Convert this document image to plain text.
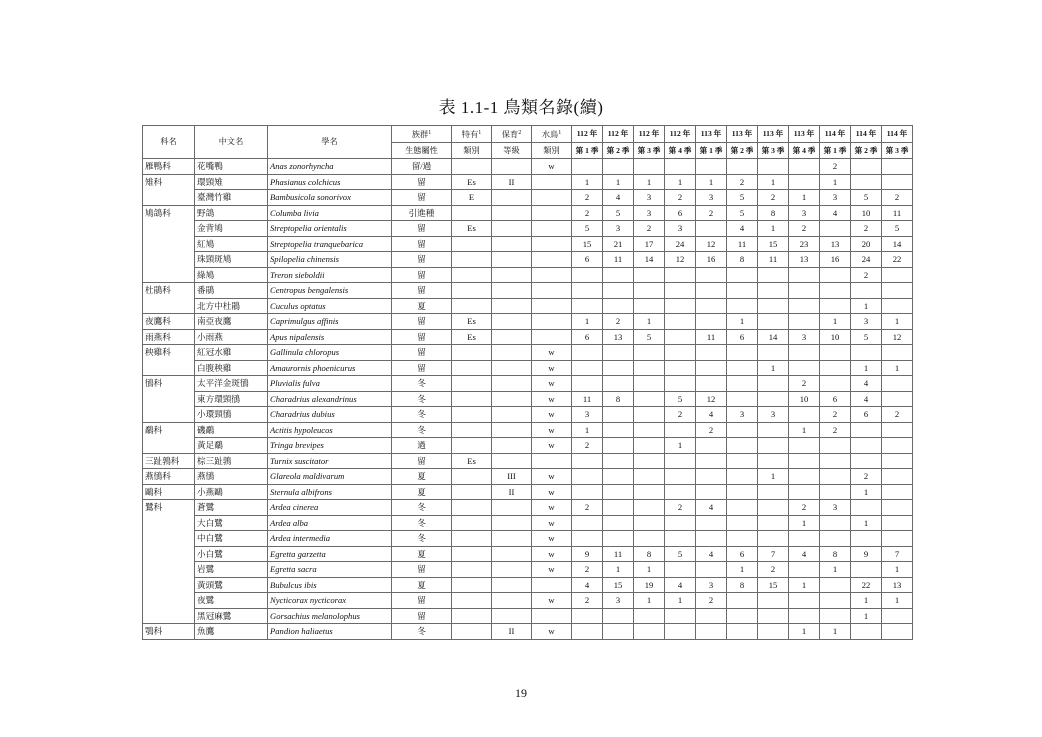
表 1.1-1 鳥類名錄(續)
科名	中文名	學名	族群$^1$	特有$^1$	保育$^2$	水鳥$^1$	112 年	112 年	112 年	112 年	113 年	113 年	113 年	113 年	114 年	114 年	114 年
			生態屬性	類別	等級	類別	第 1 季	第 2 季	第 3 季	第 4 季	第 1 季	第 2 季	第 3 季	第 4 季	第 1 季	第 2 季	第 3 季
雁鴨科	花嘴鴨	Anas zonorhyncha	留/過			w									2		
雉科	環頸雉	Phasianus colchicus	留	Es	II		1	1	1	1	1	2	1		1		
	臺灣竹雞	Bambusicola sonorivox	留	E			2	4	3	2	3	5	2	1	3	5	2
鳩鴿科	野鴿	Columba livia	引進種				2	5	3	6	2	5	8	3	4	10	11
	金背鳩	Streptopelia orientalis	留	Es			5	3	2	3		4	1	2		2	5
	紅鳩	Streptopelia tranquebarica	留				15	21	17	24	12	11	15	23	13	20	14
	珠頸斑鳩	Spilopelia chinensis	留				6	11	14	12	16	8	11	13	16	24	22
	綠鳩	Treron sieboldii	留													2	
杜鵑科	番鵑	Centropus bengalensis	留														
	北方中杜鵑	Cuculus optatus	夏													1	
夜鷹科	南亞夜鷹	Caprimulgus affinis	留	Es			1	2	1			1			1	3	1
雨燕科	小雨燕	Apus nipalensis	留	Es			6	13	5		11	6	14	3	10	5	12
秧雞科	紅冠水雞	Gallinula chloropus	留			w											
	白腹秧雞	Amaurornis phoenicurus	留			w							1			1	1
鴴科	太平洋金斑鴴	Pluvialis fulva	冬			w								2		4	
	東方環頸鴴	Charadrius alexandrinus	冬			w	11	8		5	12			10	6	4	
	小環頸鴴	Charadrius dubius	冬			w	3			2	4	3	3		2	6	2
鷸科	磯鷸	Actitis hypoleucos	冬			w	1				2			1	2		
	黃足鷸	Tringa brevipes	過			w	2			1							
三趾鶉科	棕三趾鶉	Turnix suscitator	留	Es													
燕鴴科	燕鴴	Glareola maldivarum	夏		III	w							1			2	
鷗科	小燕鷗	Sternula albifrons	夏		II	w										1	
鷺科	蒼鷺	Ardea cinerea	冬			w	2			2	4			2	3		
	大白鷺	Ardea alba	冬			w								1		1	
	中白鷺	Ardea intermedia	冬			w											
	小白鷺	Egretta garzetta	夏			w	9	11	8	5	4	6	7	4	8	9	7
	岩鷺	Egretta sacra	留			w	2	1	1			1	2		1		1
	黃頭鷺	Bubulcus ibis	夏				4	15	19	4	3	8	15	1		22	13
	夜鷺	Nycticorax nycticorax	留			w	2	3	1	1	2					1	1
	黑冠麻鷺	Gorsachius melanolophus	留													1	
鶚科	魚鷹	Pandion haliaetus	冬		II	w								1	1		
19
